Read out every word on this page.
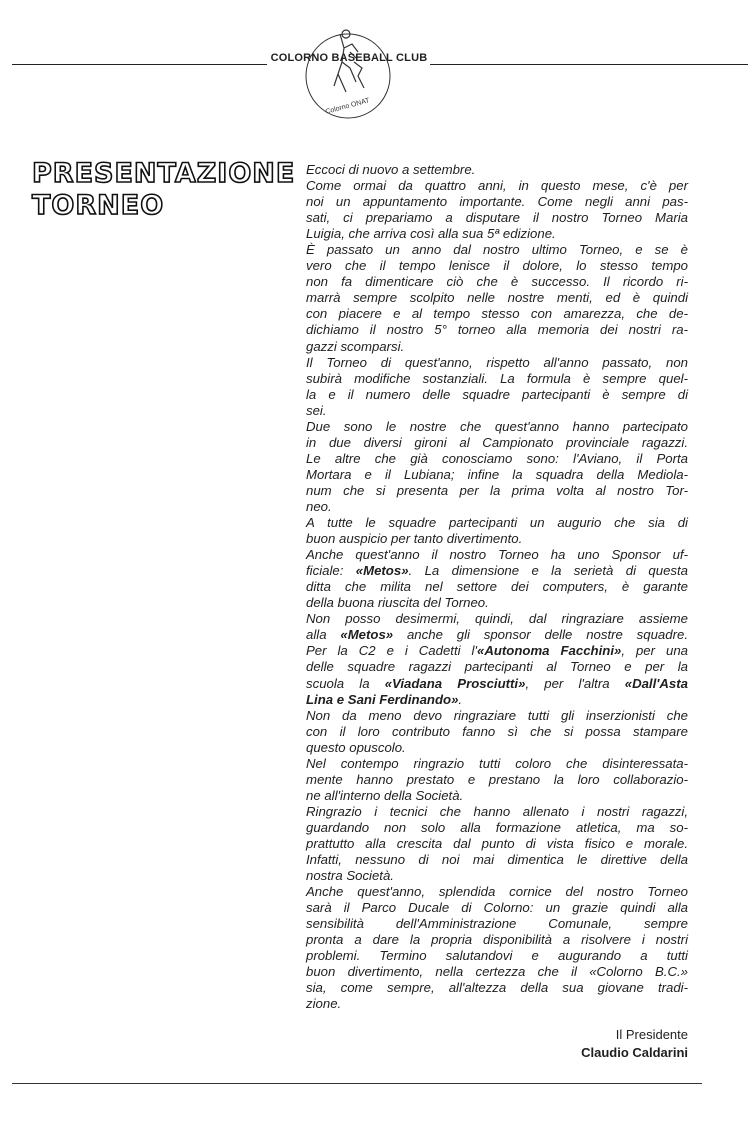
Colorno ONAT
COLORNO BASEBALL CLUB
PRESENTAZIONE
TORNEO
Eccoci di nuovo a settembre.
Come ormai da quattro anni, in questo mese, c'è per
noi un appuntamento importante. Come negli anni pas-
sati, ci prepariamo a disputare il nostro Torneo Maria
Luigia, che arriva così alla sua 5ª edizione.
È passato un anno dal nostro ultimo Torneo, e se è
vero che il tempo lenisce il dolore, lo stesso tempo
non fa dimenticare ciò che è successo. Il ricordo ri-
marrà sempre scolpito nelle nostre menti, ed è quindi
con piacere e al tempo stesso con amarezza, che de-
dichiamo il nostro 5° torneo alla memoria dei nostri ra-
gazzi scomparsi.
Il Torneo di quest'anno, rispetto all'anno passato, non
subirà modifiche sostanziali. La formula è sempre quel-
la e il numero delle squadre partecipanti è sempre di
sei.
Due sono le nostre che quest'anno hanno partecipato
in due diversi gironi al Campionato provinciale ragazzi.
Le altre che già conosciamo sono: l'Aviano, il Porta
Mortara e il Lubiana; infine la squadra della Mediola-
num che si presenta per la prima volta al nostro Tor-
neo.
A tutte le squadre partecipanti un augurio che sia di
buon auspicio per tanto divertimento.
Anche quest'anno il nostro Torneo ha uno Sponsor uf-
ficiale: «Metos». La dimensione e la serietà di questa
ditta che milita nel settore dei computers, è garante
della buona riuscita del Torneo.
Non posso desimermi, quindi, dal ringraziare assieme
alla «Metos» anche gli sponsor delle nostre squadre.
Per la C2 e i Cadetti l'«Autonoma Facchini», per una
delle squadre ragazzi partecipanti al Torneo e per la
scuola la «Viadana Prosciutti», per l'altra «Dall'Asta
Lina e Sani Ferdinando».
Non da meno devo ringraziare tutti gli inserzionisti che
con il loro contributo fanno sì che si possa stampare
questo opuscolo.
Nel contempo ringrazio tutti coloro che disinteressata-
mente hanno prestato e prestano la loro collaborazio-
ne all'interno della Società.
Ringrazio i tecnici che hanno allenato i nostri ragazzi,
guardando non solo alla formazione atletica, ma so-
prattutto alla crescita dal punto di vista fisico e morale.
Infatti, nessuno di noi mai dimentica le direttive della
nostra Società.
Anche quest'anno, splendida cornice del nostro Torneo
sarà il Parco Ducale di Colorno: un grazie quindi alla
sensibilità dell'Amministrazione Comunale, sempre
pronta a dare la propria disponibilità a risolvere i nostri
problemi. Termino salutandovi e augurando a tutti
buon divertimento, nella certezza che il «Colorno B.C.»
sia, come sempre, all'altezza della sua giovane tradi-
zione.
Il Presidente
Claudio Caldarini
